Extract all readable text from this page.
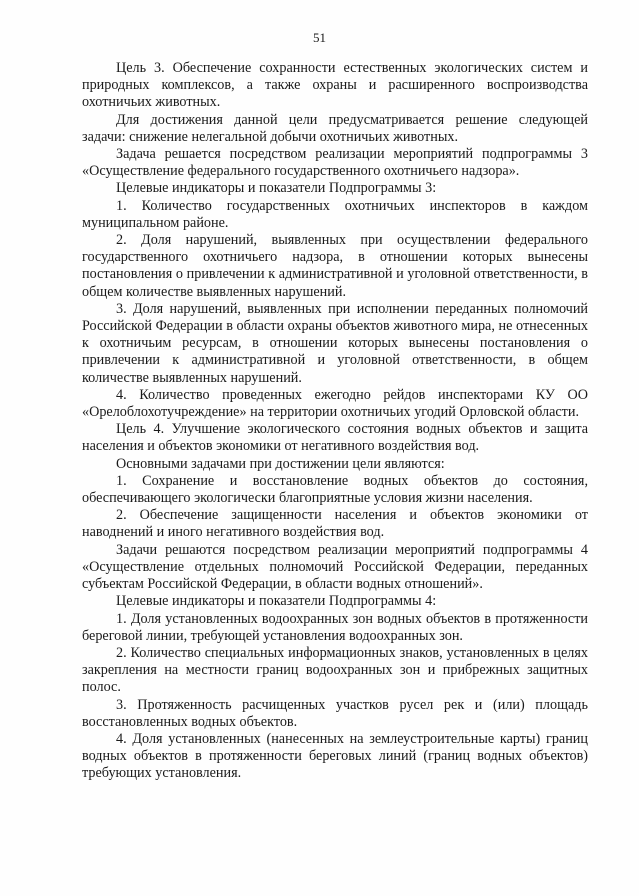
51

Цель 3. Обеспечение сохранности естественных экологических систем и природных комплексов, а также охраны и расширенного воспроизводства охотничьих животных.

Для достижения данной цели предусматривается решение следующей задачи: снижение нелегальной добычи охотничьих животных.

Задача решается посредством реализации мероприятий подпрограммы 3 «Осуществление федерального государственного охотничьего надзора».

Целевые индикаторы и показатели Подпрограммы 3:

1. Количество государственных охотничьих инспекторов в каждом муниципальном районе.

2. Доля нарушений, выявленных при осуществлении федерального государственного охотничьего надзора, в отношении которых вынесены постановления о привлечении к административной и уголовной ответственности, в общем количестве выявленных нарушений.

3. Доля нарушений, выявленных при исполнении переданных полномочий Российской Федерации в области охраны объектов животного мира, не отнесенных к охотничьим ресурсам, в отношении которых вынесены постановления о привлечении к административной и уголовной ответственности, в общем количестве выявленных нарушений.

4. Количество проведенных ежегодно рейдов инспекторами КУ ОО «Орелоблохотучреждение» на территории охотничьих угодий Орловской области.

Цель 4. Улучшение экологического состояния водных объектов и защита населения и объектов экономики от негативного воздействия вод.

Основными задачами при достижении цели являются:

1. Сохранение и восстановление водных объектов до состояния, обеспечивающего экологически благоприятные условия жизни населения.

2. Обеспечение защищенности населения и объектов экономики от наводнений и иного негативного воздействия вод.

Задачи решаются посредством реализации мероприятий подпрограммы 4 «Осуществление отдельных полномочий Российской Федерации, переданных субъектам Российской Федерации, в области водных отношений».

Целевые индикаторы и показатели Подпрограммы 4:

1. Доля установленных водоохранных зон водных объектов в протяженности береговой линии, требующей установления водоохранных зон.

2. Количество специальных информационных знаков, установленных в целях закрепления на местности границ водоохранных зон и прибрежных защитных полос.

3. Протяженность расчищенных участков русел рек и (или) площадь восстановленных водных объектов.

4. Доля установленных (нанесенных на землеустроительные карты) границ водных объектов в протяженности береговых линий (границ водных объектов) требующих установления.
